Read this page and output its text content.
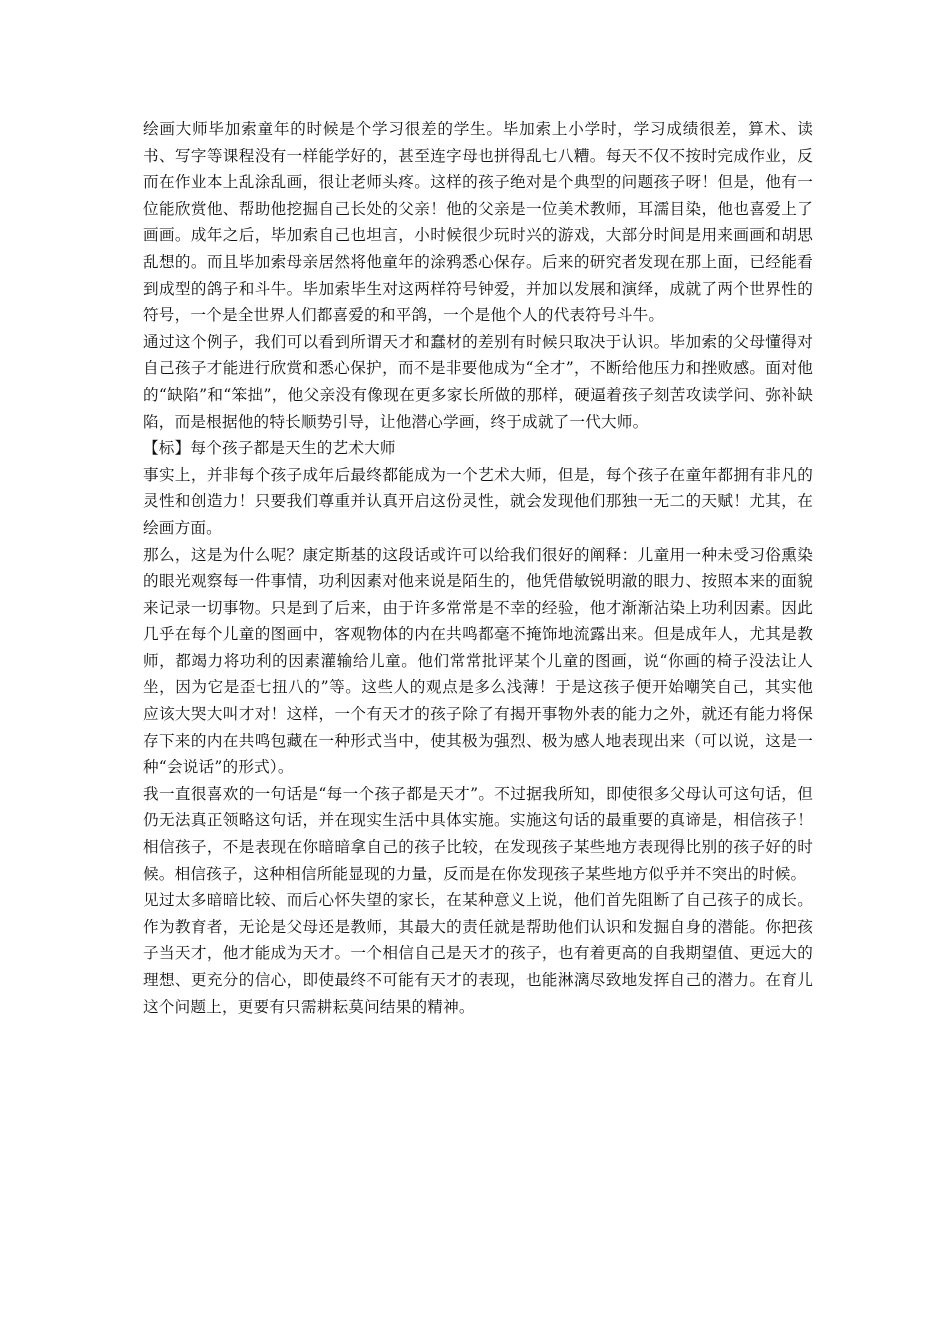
绘画大师毕加索童年的时候是个学习很差的学生。毕加索上小学时，学习成绩很差，算术、读书、写字等课程没有一样能学好的，甚至连字母也拼得乱七八糟。每天不仅不按时完成作业，反而在作业本上乱涂乱画，很让老师头疼。这样的孩子绝对是个典型的问题孩子呀！但是，他有一位能欣赏他、帮助他挖掘自己长处的父亲！他的父亲是一位美术教师，耳濡目染，他也喜爱上了画画。成年之后，毕加索自己也坦言，小时候很少玩时兴的游戏，大部分时间是用来画画和胡思乱想的。而且毕加索母亲居然将他童年的涂鸦悉心保存。后来的研究者发现在那上面，已经能看到成型的鸽子和斗牛。毕加索毕生对这两样符号钟爱，并加以发展和演绎，成就了两个世界性的符号，一个是全世界人们都喜爱的和平鸽，一个是他个人的代表符号斗牛。

通过这个例子，我们可以看到所谓天才和蠢材的差别有时候只取决于认识。毕加索的父母懂得对自己孩子才能进行欣赏和悉心保护，而不是非要他成为“全才”，不断给他压力和挫败感。面对他的“缺陷”和“笨拙”，他父亲没有像现在更多家长所做的那样，硬逼着孩子刻苦攻读学问、弥补缺陷，而是根据他的特长顺势引导，让他潜心学画，终于成就了一代大师。

【标】每个孩子都是天生的艺术大师

事实上，并非每个孩子成年后最终都能成为一个艺术大师，但是，每个孩子在童年都拥有非凡的灵性和创造力！只要我们尊重并认真开启这份灵性，就会发现他们那独一无二的天赋！尤其，在绘画方面。

那么，这是为什么呢？康定斯基的这段话或许可以给我们很好的阐释：儿童用一种未受习俗熏染的眼光观察每一件事情，功利因素对他来说是陌生的，他凭借敏锐明澈的眼力、按照本来的面貌来记录一切事物。只是到了后来，由于许多常常是不幸的经验，他才渐渐沾染上功利因素。因此几乎在每个儿童的图画中，客观物体的内在共鸣都毫不掩饰地流露出来。但是成年人，尤其是教师，都竭力将功利的因素灌输给儿童。他们常常批评某个儿童的图画，说“你画的椅子没法让人坐，因为它是歪七扭八的”等。这些人的观点是多么浅薄！于是这孩子便开始嘲笑自己，其实他应该大哭大叫才对！这样，一个有天才的孩子除了有揭开事物外表的能力之外，就还有能力将保存下来的内在共鸣包藏在一种形式当中，使其极为强烈、极为感人地表现出来（可以说，这是一种“会说话”的形式）。

我一直很喜欢的一句话是“每一个孩子都是天才”。不过据我所知，即使很多父母认可这句话，但仍无法真正领略这句话，并在现实生活中具体实施。实施这句话的最重要的真谛是，相信孩子！相信孩子，不是表现在你暗暗拿自己的孩子比较，在发现孩子某些地方表现得比别的孩子好的时候。相信孩子，这种相信所能显现的力量，反而是在你发现孩子某些地方似乎并不突出的时候。

见过太多暗暗比较、而后心怀失望的家长，在某种意义上说，他们首先阻断了自己孩子的成长。作为教育者，无论是父母还是教师，其最大的责任就是帮助他们认识和发掘自身的潜能。你把孩子当天才，他才能成为天才。一个相信自己是天才的孩子，也有着更高的自我期望值、更远大的理想、更充分的信心，即使最终不可能有天才的表现，也能淋漓尽致地发挥自己的潜力。在育儿这个问题上，更要有只需耕耘莫问结果的精神。
